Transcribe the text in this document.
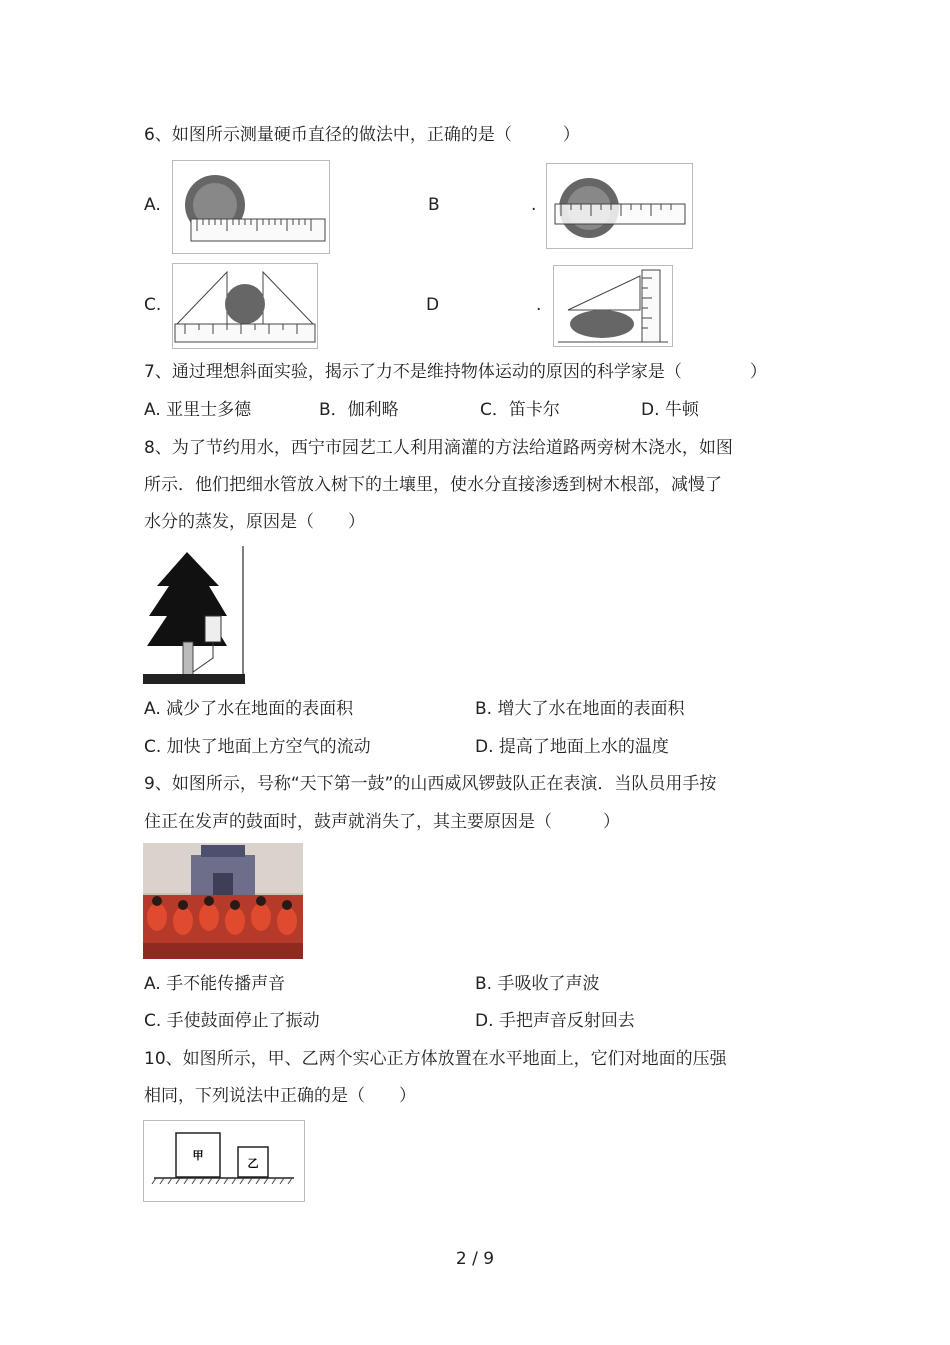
6、如图所示测量硬币直径的做法中，正确的是（　　　）
A.	B	.
C.	D	.
7、通过理想斜面实验，揭示了力不是维持物体运动的原因的科学家是（　　　　）
A. 亚里士多德	B．伽利略	C．笛卡尔	D. 牛顿
8、为了节约用水，西宁市园艺工人利用滴灌的方法给道路两旁树木浇水，如图
所示．他们把细水管放入树下的土壤里，使水分直接渗透到树木根部，减慢了
水分的蒸发，原因是（　　）
A. 减少了水在地面的表面积	B. 增大了水在地面的表面积
C. 加快了地面上方空气的流动	D. 提高了地面上水的温度
9、如图所示，号称“天下第一鼓”的山西威风锣鼓队正在表演．当队员用手按
住正在发声的鼓面时，鼓声就消失了，其主要原因是（　　　）
A. 手不能传播声音	B. 手吸收了声波
C. 手使鼓面停止了振动	D. 手把声音反射回去
10、如图所示，甲、乙两个实心正方体放置在水平地面上，它们对地面的压强
相同，下列说法中正确的是（　　）
甲
乙
2 / 9
